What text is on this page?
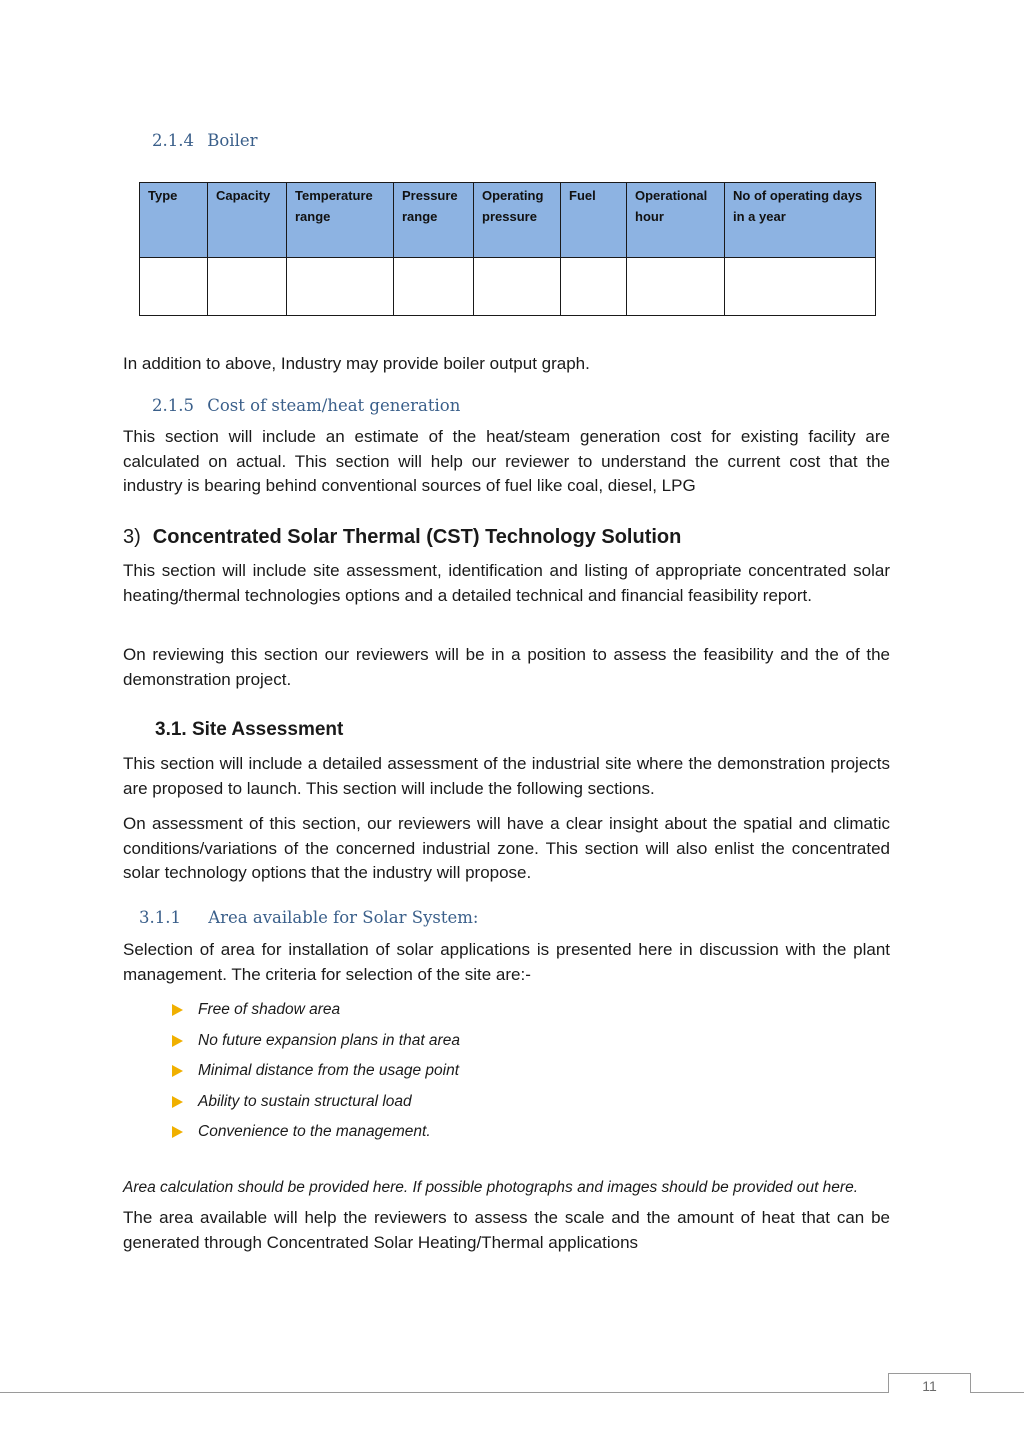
2.1.4 Boiler
Type	Capacity	Temperature range	Pressure range	Operating pressure	Fuel	Operational hour	No of operating days in a year

In addition to above, Industry may provide boiler output graph.

2.1.5 Cost of steam/heat generation

This section will include an estimate of the heat/steam generation cost for existing facility are calculated on actual. This section will help our reviewer to understand the current cost that the industry is bearing behind conventional sources of fuel like coal, diesel, LPG

3) Concentrated Solar Thermal (CST) Technology Solution

This section will include site assessment, identification and listing of appropriate concentrated solar heating/thermal technologies options and a detailed technical and financial feasibility report.

On reviewing this section our reviewers will be in a position to assess the feasibility and the of the demonstration project.

3.1. Site Assessment

This section will include a detailed assessment of the industrial site where the demonstration projects are proposed to launch. This section will include the following sections.

On assessment of this section, our reviewers will have a clear insight about the spatial and climatic conditions/variations of the concerned industrial zone. This section will also enlist the concentrated solar technology options that the industry will propose.

3.1.1 Area available for Solar System:

Selection of area for installation of solar applications is presented here in discussion with the plant management. The criteria for selection of the site are:-

Free of shadow area
No future expansion plans in that area
Minimal distance from the usage point
Ability to sustain structural load
Convenience to the management.

Area calculation should be provided here. If possible photographs and images should be provided out here.

The area available will help the reviewers to assess the scale and the amount of heat that can be generated through Concentrated Solar Heating/Thermal applications

11
